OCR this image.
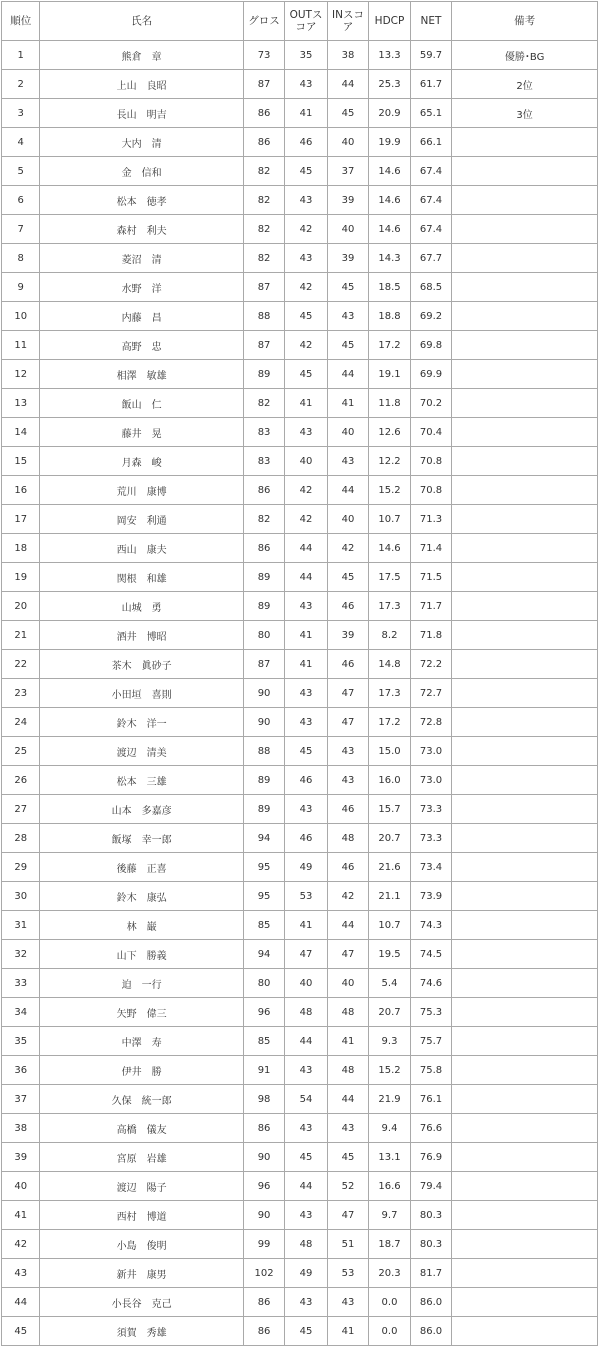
順位	氏名	グロス	OUTスコア	INスコア	HDCP	NET	備考
1	熊倉　章	73	35	38	13.3	59.7	優勝･BG
2	上山　良昭	87	43	44	25.3	61.7	2位
3	長山　明吉	86	41	45	20.9	65.1	3位
4	大内　清	86	46	40	19.9	66.1	
5	金　信和	82	45	37	14.6	67.4	
6	松本　徳孝	82	43	39	14.6	67.4	
7	森村　利夫	82	42	40	14.6	67.4	
8	菱沼　清	82	43	39	14.3	67.7	
9	水野　洋	87	42	45	18.5	68.5	
10	内藤　昌	88	45	43	18.8	69.2	
11	高野　忠	87	42	45	17.2	69.8	
12	相澤　敏雄	89	45	44	19.1	69.9	
13	飯山　仁	82	41	41	11.8	70.2	
14	藤井　晃	83	43	40	12.6	70.4	
15	月森　峻	83	40	43	12.2	70.8	
16	荒川　康博	86	42	44	15.2	70.8	
17	岡安　利通	82	42	40	10.7	71.3	
18	西山　康夫	86	44	42	14.6	71.4	
19	関根　和雄	89	44	45	17.5	71.5	
20	山城　勇	89	43	46	17.3	71.7	
21	酒井　博昭	80	41	39	8.2	71.8	
22	茶木　眞砂子	87	41	46	14.8	72.2	
23	小田垣　喜則	90	43	47	17.3	72.7	
24	鈴木　洋一	90	43	47	17.2	72.8	
25	渡辺　清美	88	45	43	15.0	73.0	
26	松本　三雄	89	46	43	16.0	73.0	
27	山本　多嘉彦	89	43	46	15.7	73.3	
28	飯塚　幸一郎	94	46	48	20.7	73.3	
29	後藤　正喜	95	49	46	21.6	73.4	
30	鈴木　康弘	95	53	42	21.1	73.9	
31	林　巌	85	41	44	10.7	74.3	
32	山下　勝義	94	47	47	19.5	74.5	
33	迫　一行	80	40	40	5.4	74.6	
34	矢野　偉三	96	48	48	20.7	75.3	
35	中澤　寿	85	44	41	9.3	75.7	
36	伊井　勝	91	43	48	15.2	75.8	
37	久保　統一郎	98	54	44	21.9	76.1	
38	高橋　儀友	86	43	43	9.4	76.6	
39	宮原　岩雄	90	45	45	13.1	76.9	
40	渡辺　陽子	96	44	52	16.6	79.4	
41	西村　博道	90	43	47	9.7	80.3	
42	小島　俊明	99	48	51	18.7	80.3	
43	新井　康男	102	49	53	20.3	81.7	
44	小長谷　克己	86	43	43	0.0	86.0	
45	須賀　秀雄	86	45	41	0.0	86.0	
